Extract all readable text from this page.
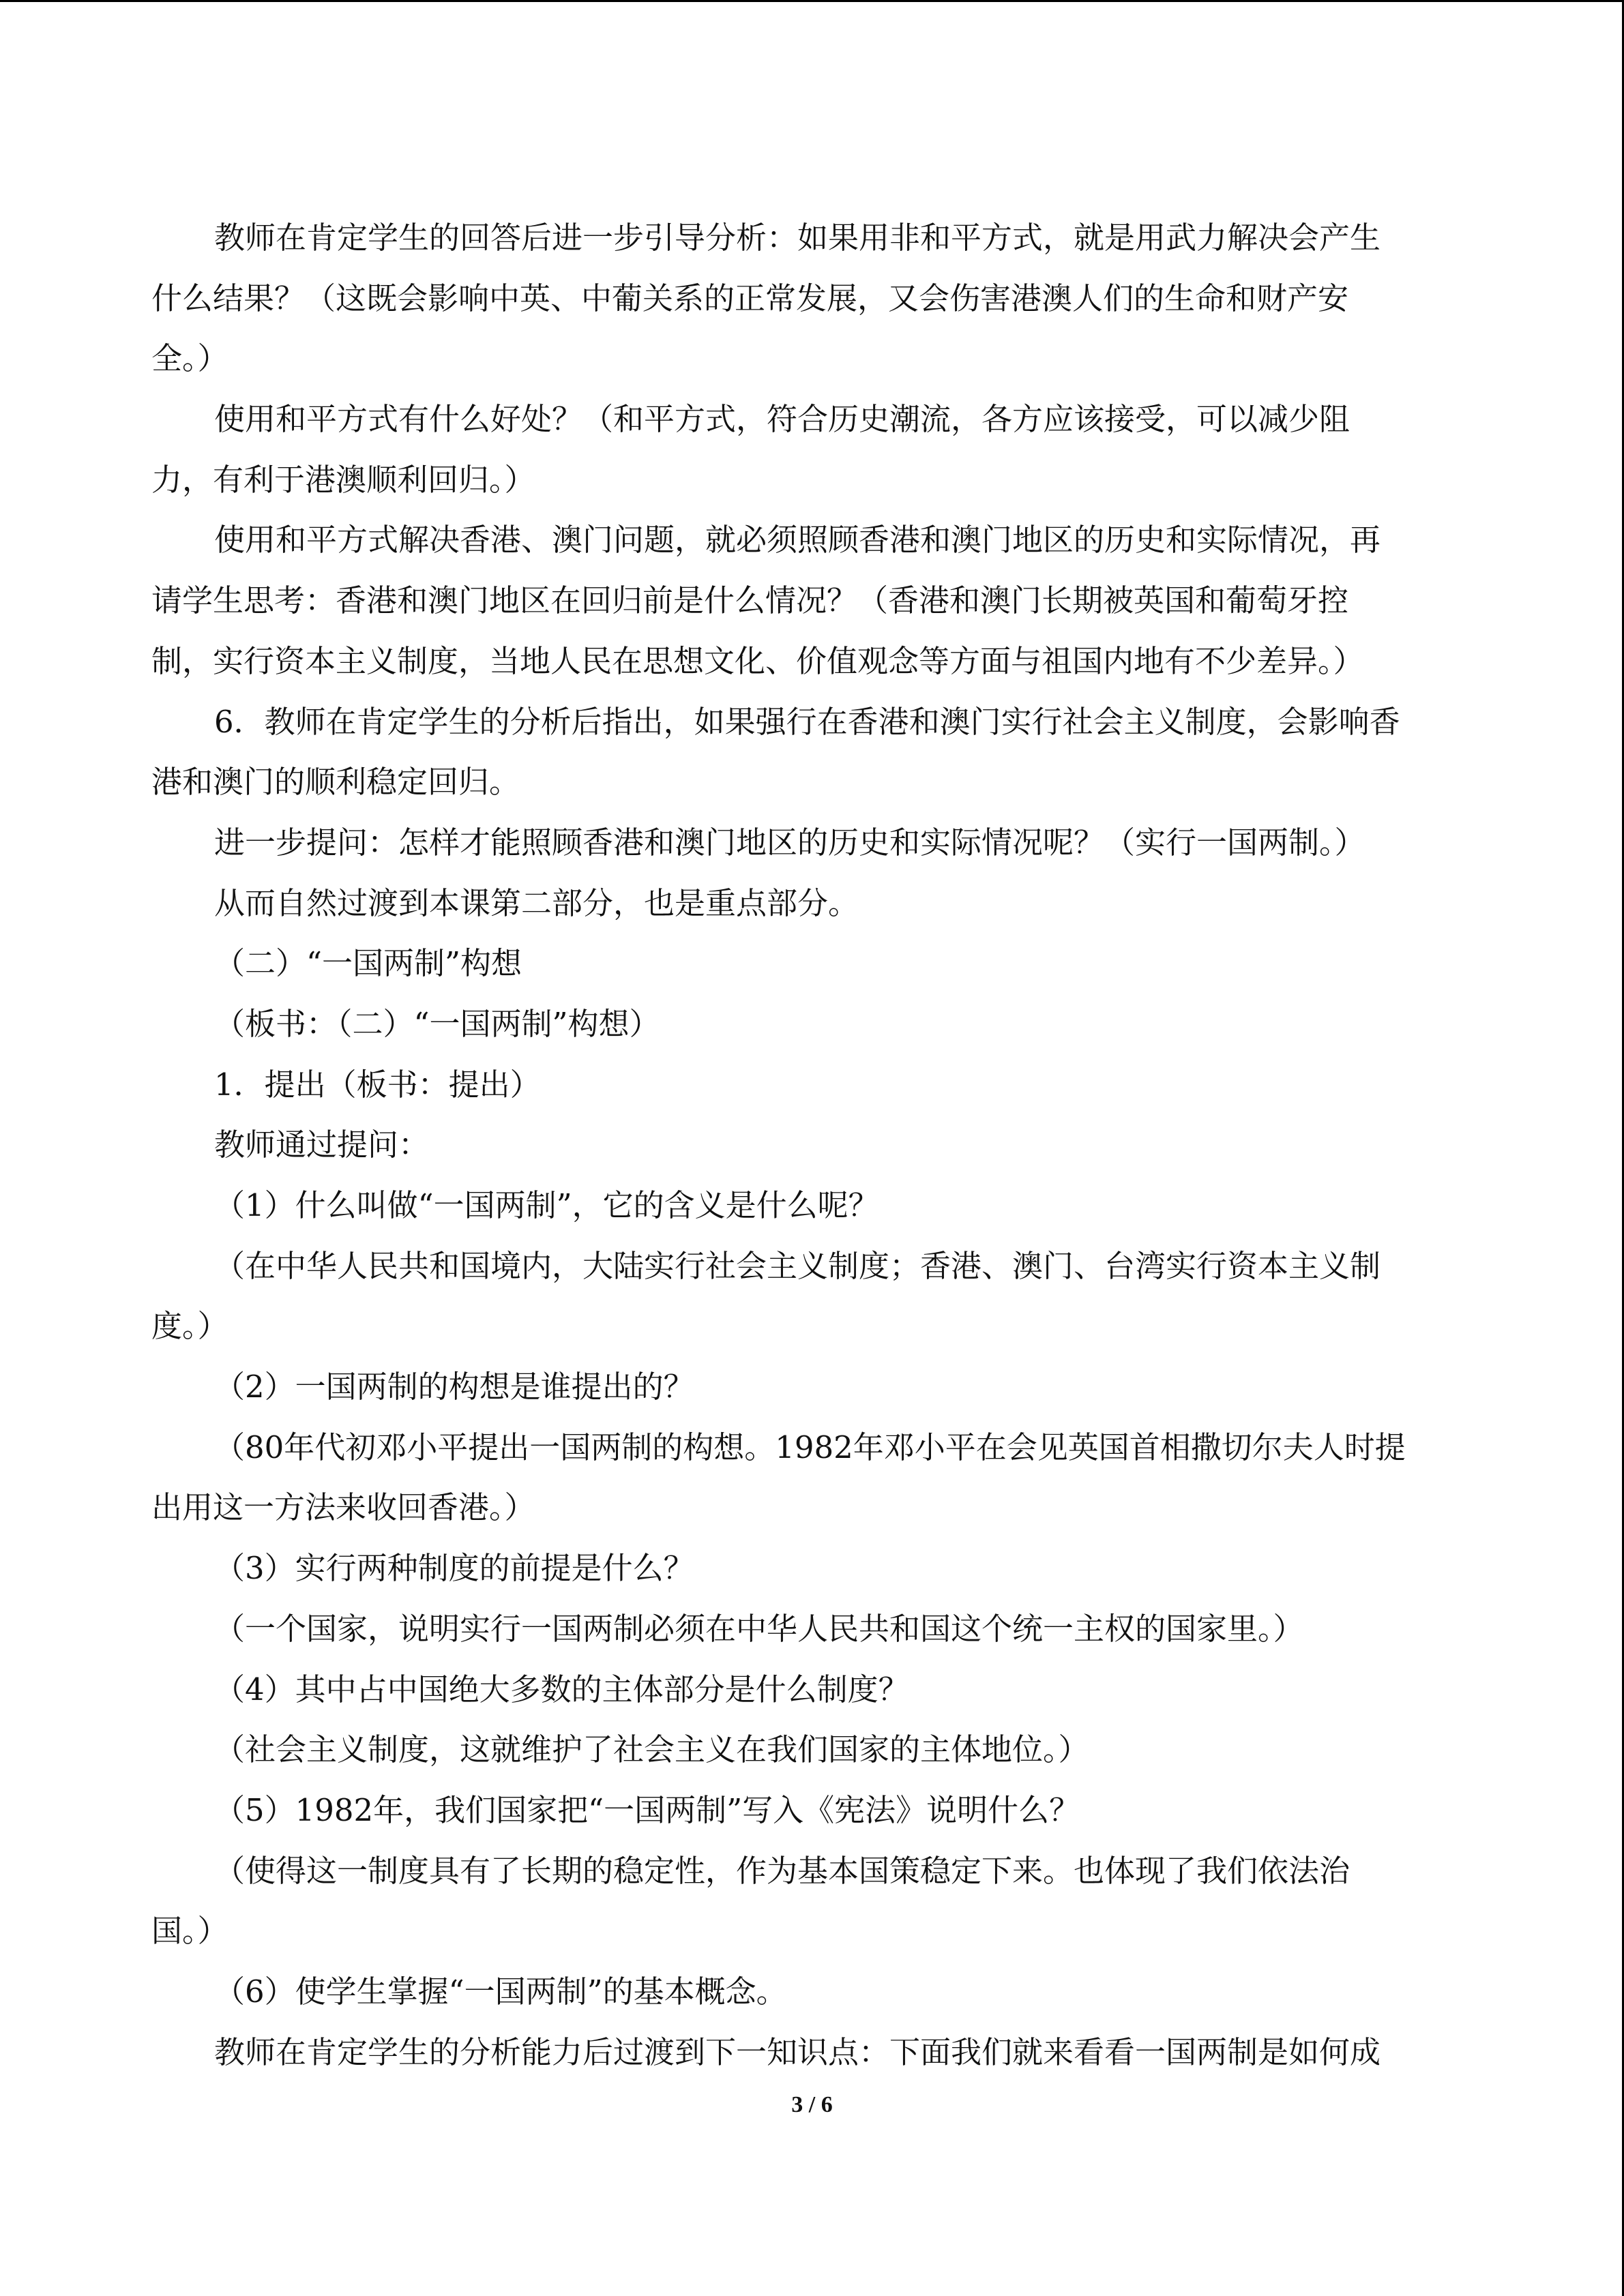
教师在肯定学生的回答后进一步引导分析：如果用非和平方式，就是用武力解决会产生
什么结果？（这既会影响中英、中葡关系的正常发展，又会伤害港澳人们的生命和财产安
全。）
使用和平方式有什么好处？（和平方式，符合历史潮流，各方应该接受，可以减少阻
力，有利于港澳顺利回归。）
使用和平方式解决香港、澳门问题，就必须照顾香港和澳门地区的历史和实际情况，再
请学生思考：香港和澳门地区在回归前是什么情况？（香港和澳门长期被英国和葡萄牙控
制，实行资本主义制度，当地人民在思想文化、价值观念等方面与祖国内地有不少差异。）
6．教师在肯定学生的分析后指出，如果强行在香港和澳门实行社会主义制度，会影响香
港和澳门的顺利稳定回归。
进一步提问：怎样才能照顾香港和澳门地区的历史和实际情况呢？（实行一国两制。）
从而自然过渡到本课第二部分，也是重点部分。
（二）“一国两制”构想
（板书：（二）“一国两制”构想）
1．提出（板书：提出）
教师通过提问：
（1）什么叫做“一国两制”，它的含义是什么呢？
（在中华人民共和国境内，大陆实行社会主义制度；香港、澳门、台湾实行资本主义制
度。）
（2）一国两制的构想是谁提出的？
（80年代初邓小平提出一国两制的构想。1982年邓小平在会见英国首相撒切尔夫人时提
出用这一方法来收回香港。）
（3）实行两种制度的前提是什么？
（一个国家，说明实行一国两制必须在中华人民共和国这个统一主权的国家里。）
（4）其中占中国绝大多数的主体部分是什么制度？
（社会主义制度，这就维护了社会主义在我们国家的主体地位。）
（5）1982年，我们国家把“一国两制”写入《宪法》说明什么？
（使得这一制度具有了长期的稳定性，作为基本国策稳定下来。也体现了我们依法治
国。）
（6）使学生掌握“一国两制”的基本概念。
教师在肯定学生的分析能力后过渡到下一知识点：下面我们就来看看一国两制是如何成
3 / 6
